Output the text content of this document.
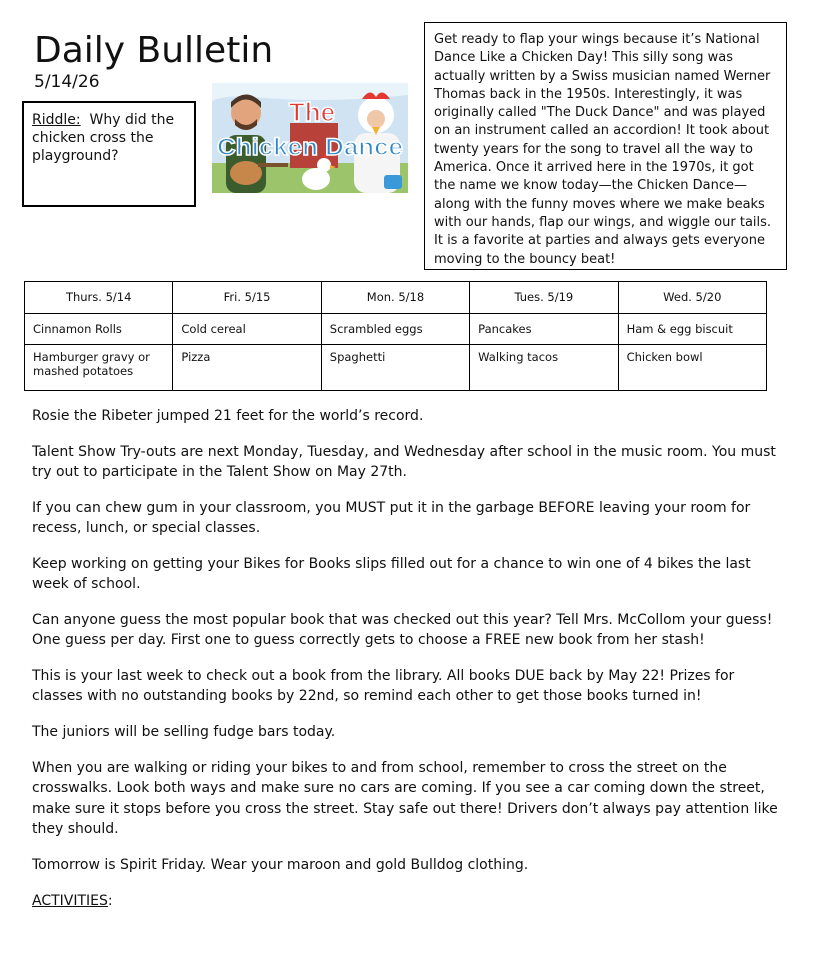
Daily Bulletin
5/14/26
Riddle: Why did the chicken cross the playground?
The
Chicken Dance
Get ready to flap your wings because it’s National Dance Like a Chicken Day! This silly song was actually written by a Swiss musician named Werner Thomas back in the 1950s. Interestingly, it was originally called "The Duck Dance" and was played on an instrument called an accordion! It took about twenty years for the song to travel all the way to America. Once it arrived here in the 1970s, it got the name we know today—the Chicken Dance—along with the funny moves where we make beaks with our hands, flap our wings, and wiggle our tails. It is a favorite at parties and always gets everyone moving to the bouncy beat!
Thurs. 5/14	Fri. 5/15	Mon. 5/18	Tues. 5/19	Wed. 5/20
Cinnamon Rolls	Cold cereal	Scrambled eggs	Pancakes	Ham & egg biscuit
Hamburger gravy or mashed potatoes	Pizza	Spaghetti	Walking tacos	Chicken bowl

Rosie the Ribeter jumped 21 feet for the world’s record.

Talent Show Try-outs are next Monday, Tuesday, and Wednesday after school in the music room. You must try out to participate in the Talent Show on May 27th.

If you can chew gum in your classroom, you MUST put it in the garbage BEFORE leaving your room for recess, lunch, or special classes.

Keep working on getting your Bikes for Books slips filled out for a chance to win one of 4 bikes the last week of school.

Can anyone guess the most popular book that was checked out this year? Tell Mrs. McCollom your guess! One guess per day. First one to guess correctly gets to choose a FREE new book from her stash!

This is your last week to check out a book from the library. All books DUE back by May 22! Prizes for classes with no outstanding books by 22nd, so remind each other to get those books turned in!

The juniors will be selling fudge bars today.

When you are walking or riding your bikes to and from school, remember to cross the street on the crosswalks. Look both ways and make sure no cars are coming. If you see a car coming down the street, make sure it stops before you cross the street. Stay safe out there! Drivers don’t always pay attention like they should.

Tomorrow is Spirit Friday. Wear your maroon and gold Bulldog clothing.

ACTIVITIES:
